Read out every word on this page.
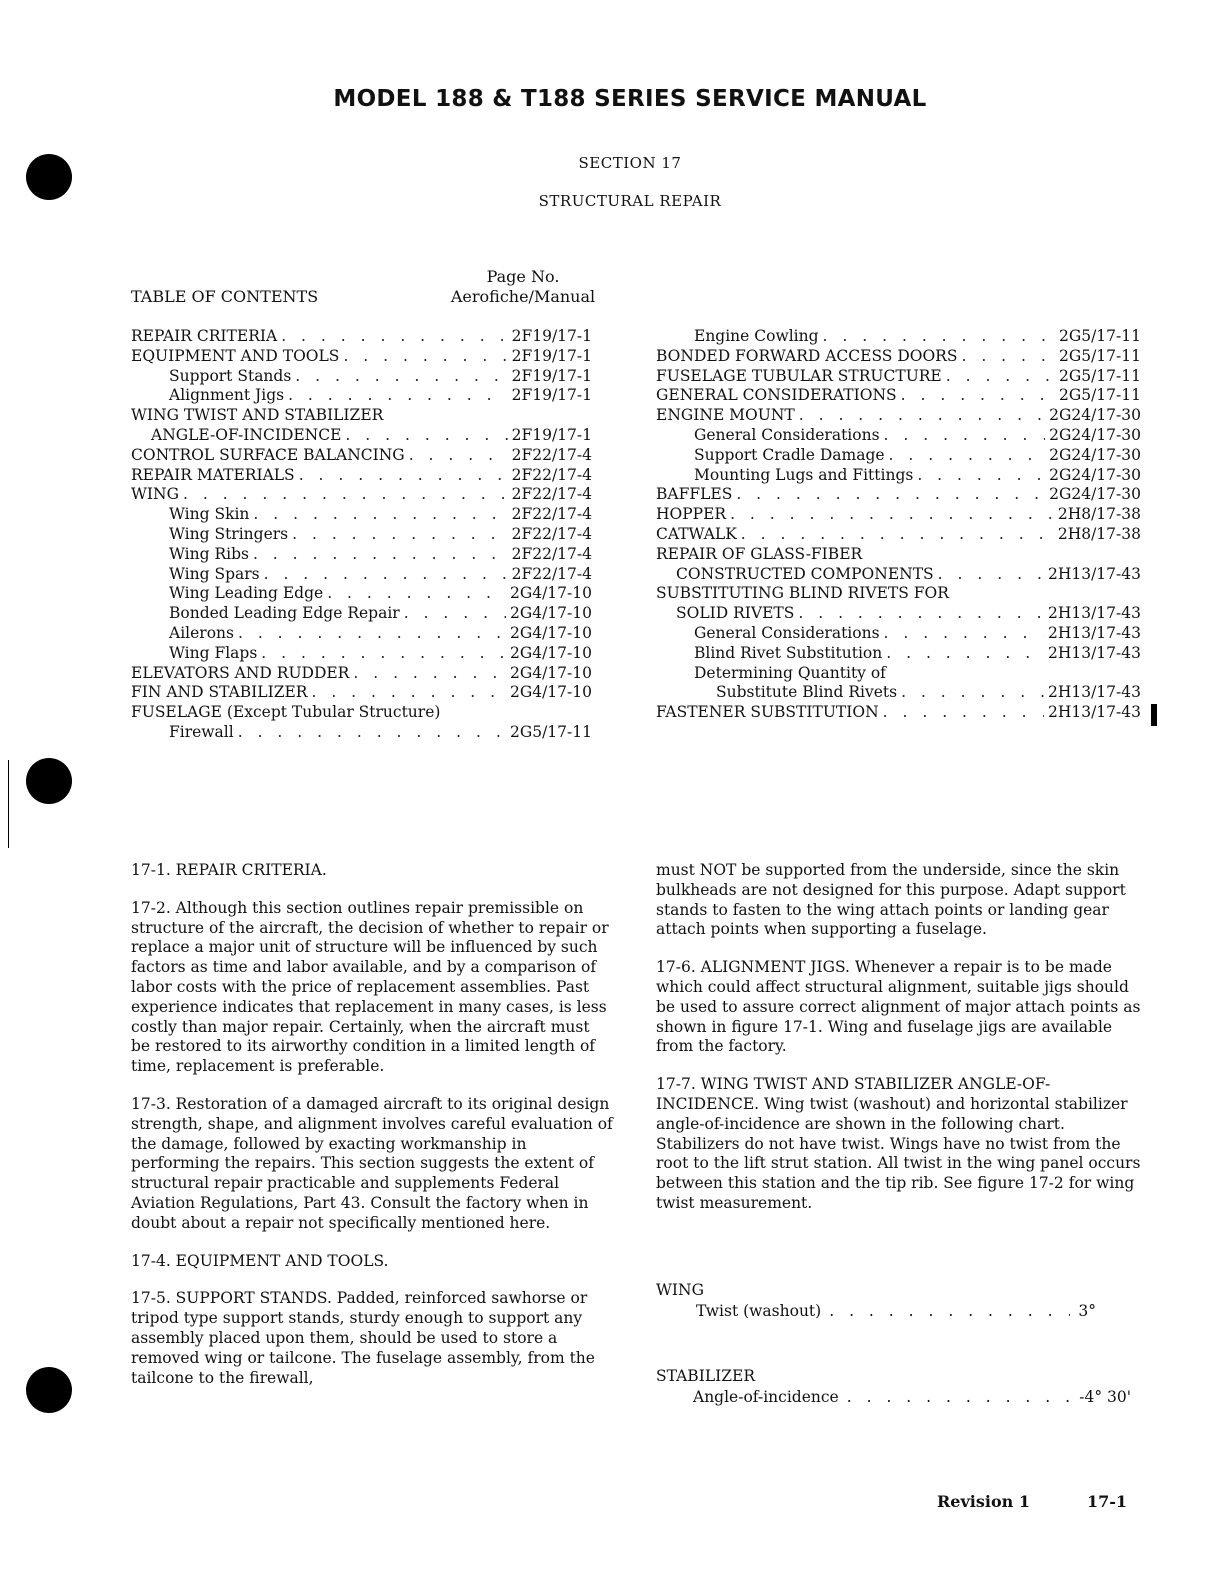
MODEL 188 & T188 SERIES SERVICE MANUAL
SECTION 17
STRUCTURAL REPAIR
TABLE OF CONTENTS
Page No.
Aerofiche/Manual
REPAIR CRITERIA . . .	2F19/17-1
EQUIPMENT AND TOOLS . . .	2F19/17-1
Support Stands . . .	2F19/17-1
Alignment Jigs . . .	2F19/17-1
WING TWIST AND STABILIZER
ANGLE-OF-INCIDENCE . . .	2F19/17-1
CONTROL SURFACE BALANCING . . .	2F22/17-4
REPAIR MATERIALS . . .	2F22/17-4
WING . . .	2F22/17-4
Wing Skin . . .	2F22/17-4
Wing Stringers . . .	2F22/17-4
Wing Ribs . . .	2F22/17-4
Wing Spars . . .	2F22/17-4
Wing Leading Edge . . .	2G4/17-10
Bonded Leading Edge Repair . . .	2G4/17-10
Ailerons . . .	2G4/17-10
Wing Flaps . . .	2G4/17-10
ELEVATORS AND RUDDER . . .	2G4/17-10
FIN AND STABILIZER . . .	2G4/17-10
FUSELAGE (Except Tubular Structure)
Firewall . . .	2G5/17-11
Engine Cowling . . .	2G5/17-11
BONDED FORWARD ACCESS DOORS . . .	2G5/17-11
FUSELAGE TUBULAR STRUCTURE . . .	2G5/17-11
GENERAL CONSIDERATIONS . . .	2G5/17-11
ENGINE MOUNT . . .	2G24/17-30
General Considerations . . .	2G24/17-30
Support Cradle Damage . . .	2G24/17-30
Mounting Lugs and Fittings . . .	2G24/17-30
BAFFLES . . .	2G24/17-30
HOPPER . . .	2H8/17-38
CATWALK . . .	2H8/17-38
REPAIR OF GLASS-FIBER
CONSTRUCTED COMPONENTS . . .	2H13/17-43
SUBSTITUTING BLIND RIVETS FOR
SOLID RIVETS . . .	2H13/17-43
General Considerations . . .	2H13/17-43
Blind Rivet Substitution . . .	2H13/17-43
Determining Quantity of
Substitute Blind Rivets . . .	2H13/17-43
FASTENER SUBSTITUTION . . .	2H13/17-43

17-1. REPAIR CRITERIA.

17-2. Although this section outlines repair premissible on structure of the aircraft, the decision of whether to repair or replace a major unit of structure will be influenced by such factors as time and labor available, and by a comparison of labor costs with the price of replacement assemblies. Past experience indicates that replacement in many cases, is less costly than major repair. Certainly, when the aircraft must be restored to its airworthy condition in a limited length of time, replacement is preferable.

17-3. Restoration of a damaged aircraft to its original design strength, shape, and alignment involves careful evaluation of the damage, followed by exacting workmanship in performing the repairs. This section suggests the extent of structural repair practicable and supplements Federal Aviation Regulations, Part 43. Consult the factory when in doubt about a repair not specifically mentioned here.

17-4. EQUIPMENT AND TOOLS.

17-5. SUPPORT STANDS. Padded, reinforced sawhorse or tripod type support stands, sturdy enough to support any assembly placed upon them, should be used to store a removed wing or tailcone. The fuselage assembly, from the tailcone to the firewall,

must NOT be supported from the underside, since the skin bulkheads are not designed for this purpose. Adapt support stands to fasten to the wing attach points or landing gear attach points when supporting a fuselage.

17-6. ALIGNMENT JIGS. Whenever a repair is to be made which could affect structural alignment, suitable jigs should be used to assure correct alignment of major attach points as shown in figure 17-1. Wing and fuselage jigs are available from the factory.

17-7. WING TWIST AND STABILIZER ANGLE-OF-INCIDENCE. Wing twist (washout) and horizontal stabilizer angle-of-incidence are shown in the following chart. Stabilizers do not have twist. Wings have no twist from the root to the lift strut station. All twist in the wing panel occurs between this station and the tip rib. See figure 17-2 for wing twist measurement.

WING
Twist (washout) . . .	3°
STABILIZER
Angle-of-incidence . . .	-4° 30'
Revision 1	17-1
